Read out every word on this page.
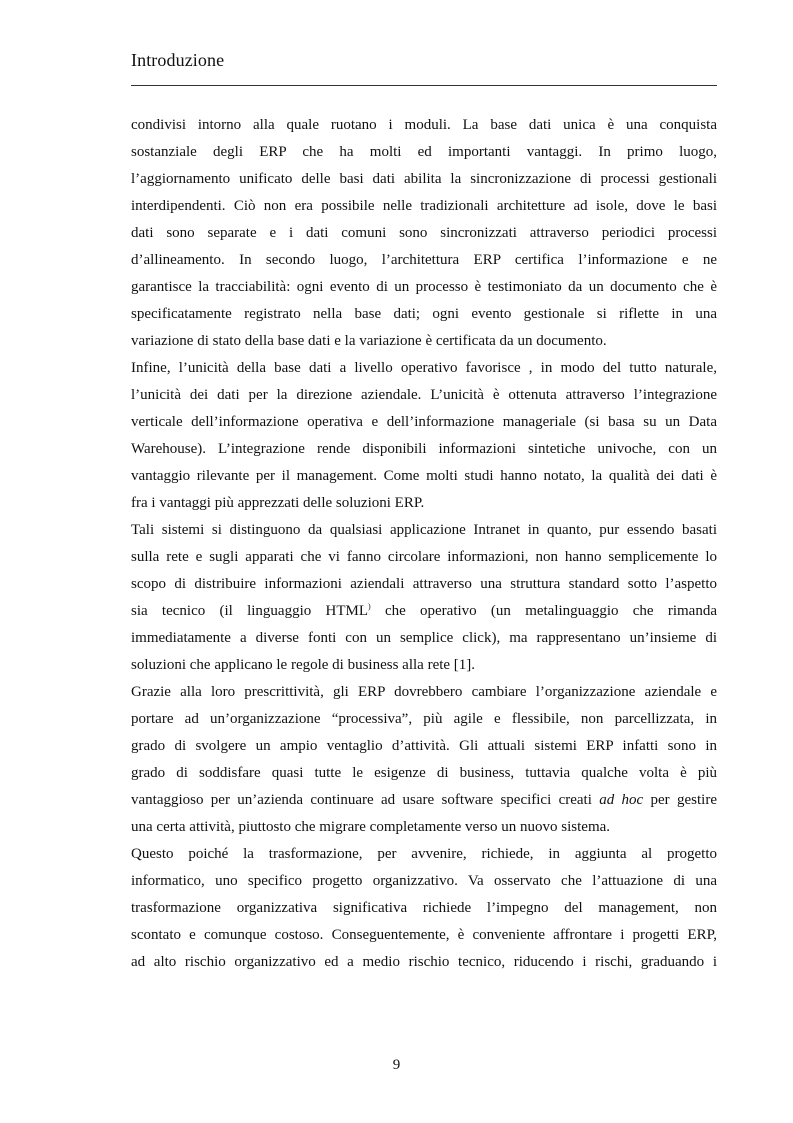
Introduzione
condivisi intorno alla quale ruotano i moduli. La base dati unica è una conquista
sostanziale degli ERP che ha molti ed importanti vantaggi. In primo luogo,
l’aggiornamento unificato delle basi dati abilita la sincronizzazione di processi gestionali
interdipendenti. Ciò non era possibile nelle tradizionali architetture ad isole, dove le basi
dati sono separate e i dati comuni sono sincronizzati attraverso periodici processi
d’allineamento. In secondo luogo, l’architettura ERP certifica l’informazione e ne
garantisce la tracciabilità: ogni evento di un processo è testimoniato da un documento che è
specificatamente registrato nella base dati; ogni evento gestionale si riflette in una
variazione di stato della base dati e la variazione è certificata da un documento.
Infine, l’unicità della base dati a livello operativo favorisce , in modo del tutto naturale,
l’unicità dei dati per la direzione aziendale. L’unicità è ottenuta attraverso l’integrazione
verticale dell’informazione operativa e dell’informazione manageriale (si basa su un Data
Warehouse). L’integrazione rende disponibili informazioni sintetiche univoche, con un
vantaggio rilevante per il management. Come molti studi hanno notato, la qualità dei dati è
fra i vantaggi più apprezzati delle soluzioni ERP.
Tali sistemi si distinguono da qualsiasi applicazione Intranet in quanto, pur essendo basati
sulla rete e sugli apparati che vi fanno circolare informazioni, non hanno semplicemente lo
scopo di distribuire informazioni aziendali attraverso una struttura standard sotto l’aspetto
sia tecnico (il linguaggio HTML) che operativo (un metalinguaggio che rimanda
immediatamente a diverse fonti con un semplice click), ma rappresentano un’insieme di
soluzioni che applicano le regole di business alla rete [1].
Grazie alla loro prescrittività, gli ERP dovrebbero cambiare l’organizzazione aziendale e
portare ad un’organizzazione “processiva”, più agile e flessibile, non parcellizzata, in
grado di svolgere un ampio ventaglio d’attività. Gli attuali sistemi ERP infatti sono in
grado di soddisfare quasi tutte le esigenze di business, tuttavia qualche volta è più
vantaggioso per un’azienda continuare ad usare software specifici creati ad hoc per gestire
una certa attività, piuttosto che migrare completamente verso un nuovo sistema.
Questo poiché la trasformazione, per avvenire, richiede, in aggiunta al progetto
informatico, uno specifico progetto organizzativo. Va osservato che l’attuazione di una
trasformazione organizzativa significativa richiede l’impegno del management, non
scontato e comunque costoso. Conseguentemente, è conveniente affrontare i progetti ERP,
ad alto rischio organizzativo ed a medio rischio tecnico, riducendo i rischi, graduando i
9
